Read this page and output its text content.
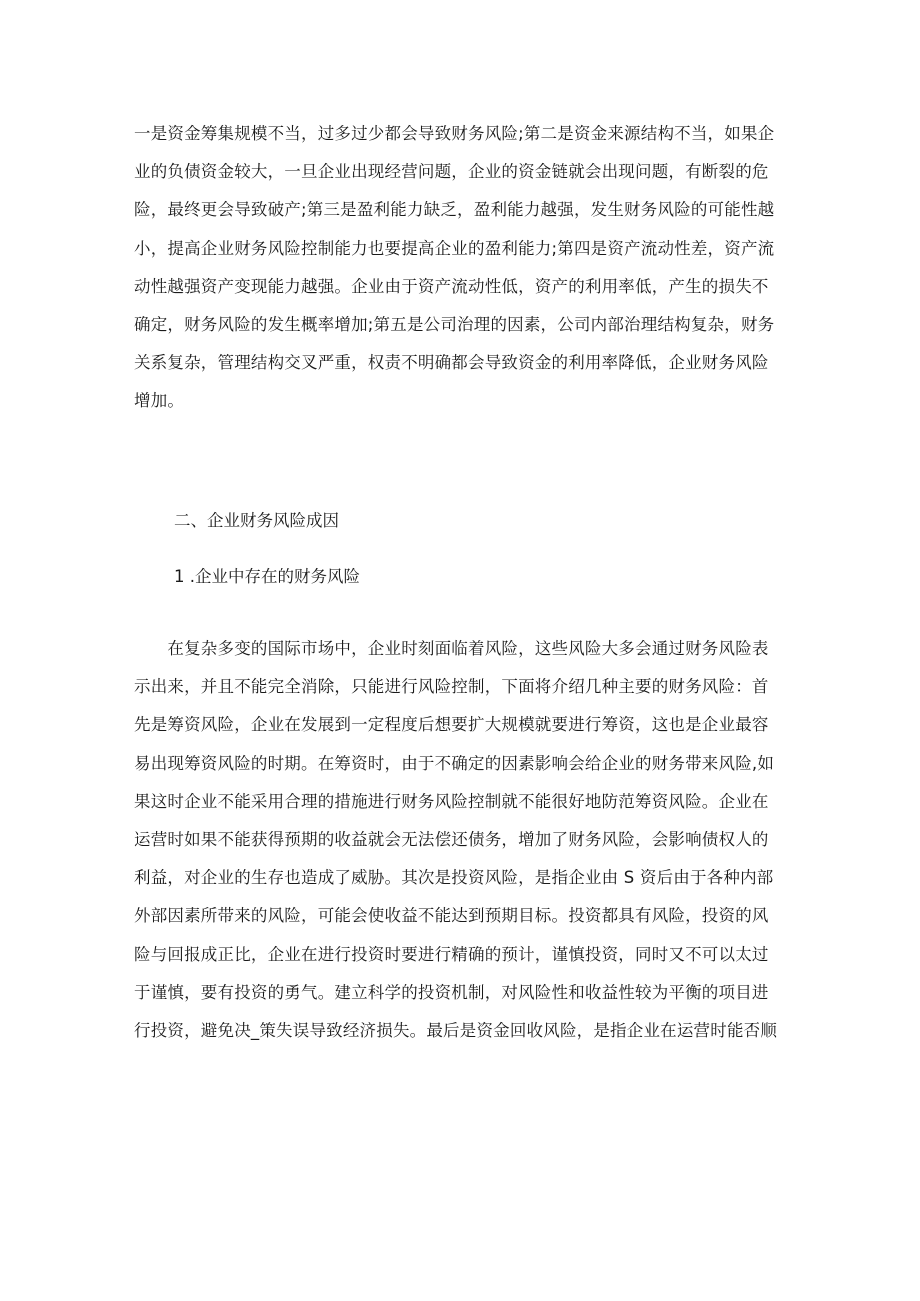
一是资金筹集规模不当，过多过少都会导致财务风险;第二是资金来源结构不当，如果企
业的负债资金较大，一旦企业出现经营问题，企业的资金链就会出现问题，有断裂的危
险，最终更会导致破产;第三是盈利能力缺乏，盈利能力越强，发生财务风险的可能性越
小，提高企业财务风险控制能力也要提高企业的盈利能力;第四是资产流动性差，资产流
动性越强资产变现能力越强。企业由于资产流动性低，资产的利用率低，产生的损失不
确定，财务风险的发生概率增加;第五是公司治理的因素，公司内部治理结构复杂，财务
关系复杂，管理结构交叉严重，权责不明确都会导致资金的利用率降低，企业财务风险
增加。
二、企业财务风险成因
1 .企业中存在的财务风险
　　在复杂多变的国际市场中，企业时刻面临着风险，这些风险大多会通过财务风险表
示出来，并且不能完全消除，只能进行风险控制，下面将介绍几种主要的财务风险：首
先是筹资风险，企业在发展到一定程度后想要扩大规模就要进行筹资，这也是企业最容
易出现筹资风险的时期。在筹资时，由于不确定的因素影响会给企业的财务带来风险,如
果这时企业不能采用合理的措施进行财务风险控制就不能很好地防范筹资风险。企业在
运营时如果不能获得预期的收益就会无法偿还债务，增加了财务风险，会影响债权人的
利益，对企业的生存也造成了威胁。其次是投资风险，是指企业由 S 资后由于各种内部
外部因素所带来的风险，可能会使收益不能达到预期目标。投资都具有风险，投资的风
险与回报成正比，企业在进行投资时要进行精确的预计，谨慎投资，同时又不可以太过
于谨慎，要有投资的勇气。建立科学的投资机制，对风险性和收益性较为平衡的项目进
行投资，避免决_策失误导致经济损失。最后是资金回收风险，是指企业在运营时能否顺
